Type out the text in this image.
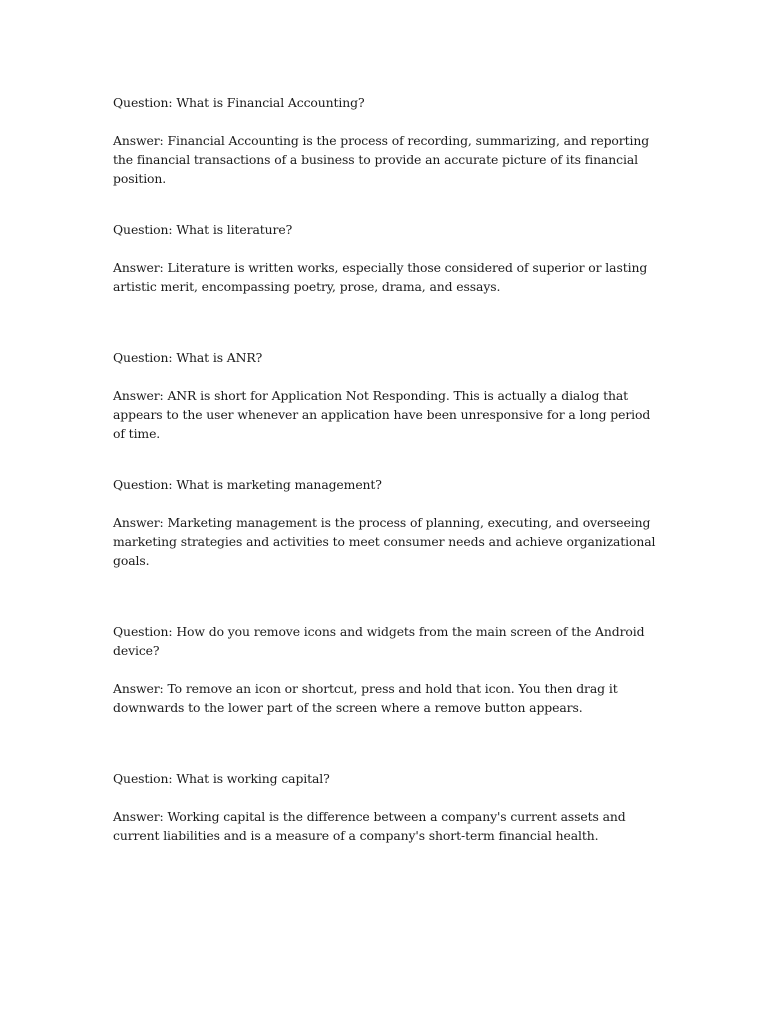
Question: What is Financial Accounting?

Answer: Financial Accounting is the process of recording, summarizing, and reporting the financial transactions of a business to provide an accurate picture of its financial position.

Question: What is literature?

Answer: Literature is written works, especially those considered of superior or lasting artistic merit, encompassing poetry, prose, drama, and essays.

Question: What is ANR?

Answer: ANR is short for Application Not Responding. This is actually a dialog that appears to the user whenever an application have been unresponsive for a long period of time.

Question: What is marketing management?

Answer: Marketing management is the process of planning, executing, and overseeing marketing strategies and activities to meet consumer needs and achieve organizational goals.

Question: How do you remove icons and widgets from the main screen of the Android device?

Answer: To remove an icon or shortcut, press and hold that icon. You then drag it downwards to the lower part of the screen where a remove button appears.

Question: What is working capital?

Answer: Working capital is the difference between a company's current assets and current liabilities and is a measure of a company's short-term financial health.
